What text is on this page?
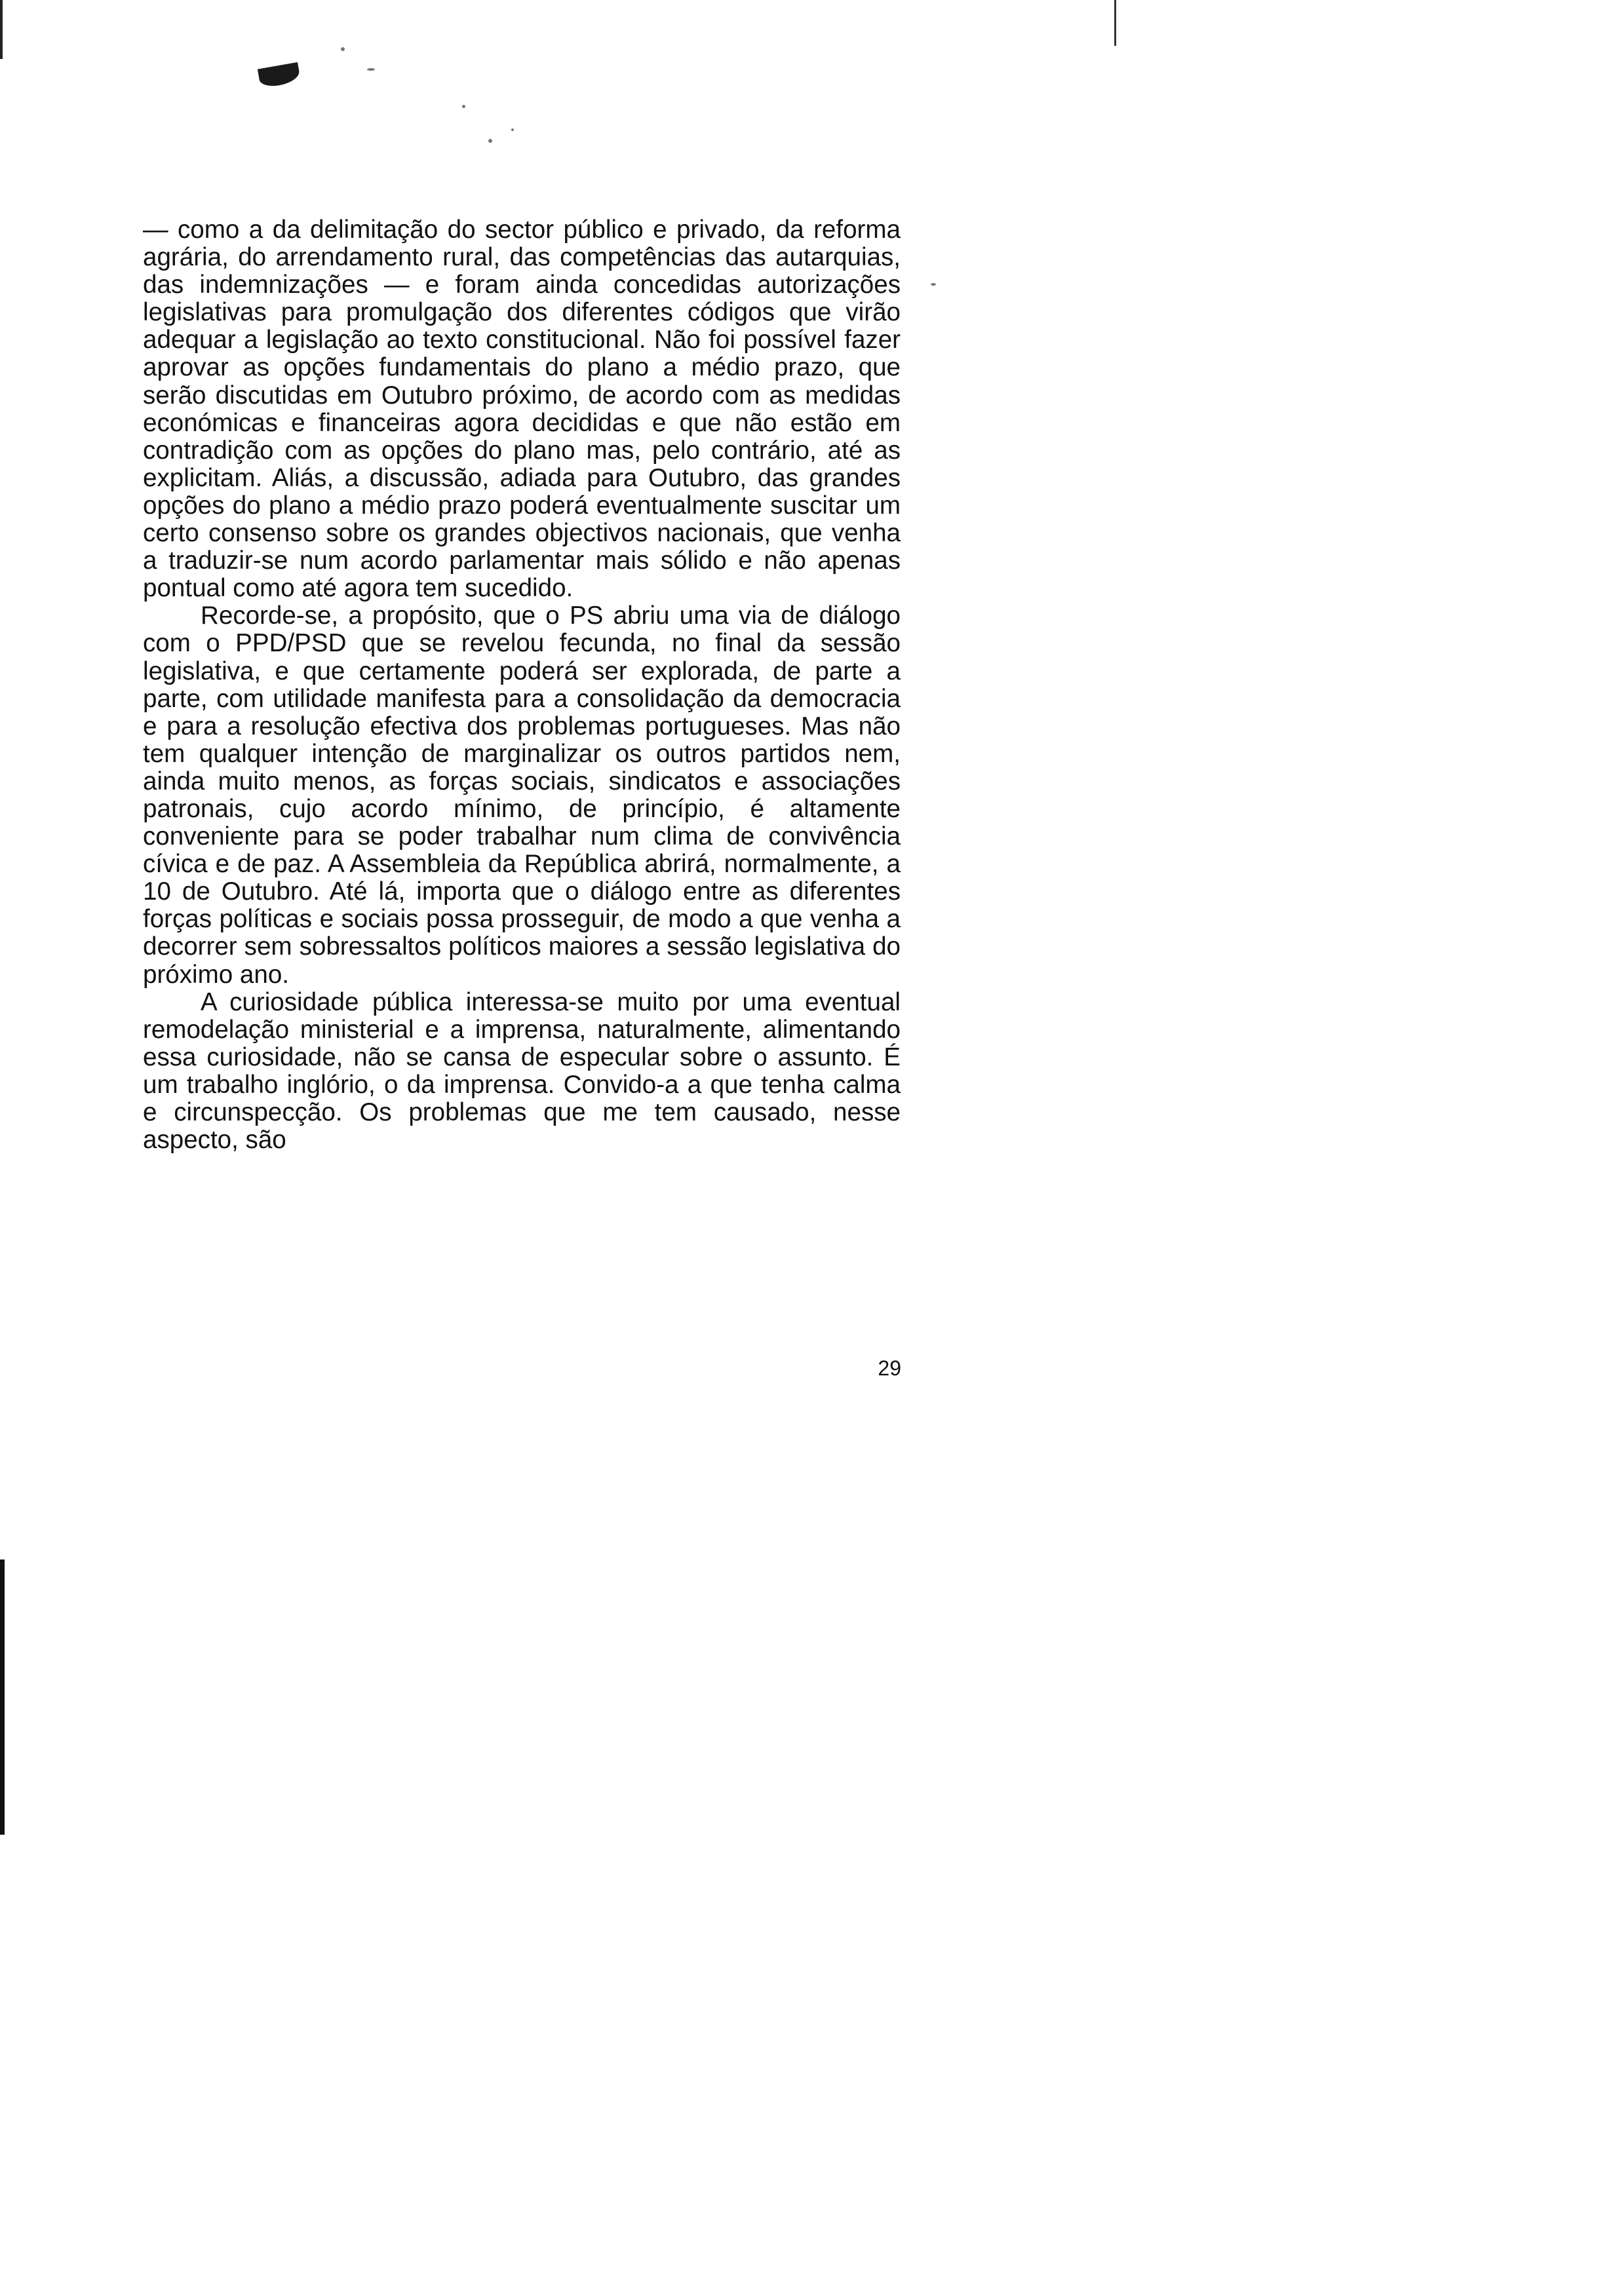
— como a da delimitação do sector público e privado, da reforma agrária, do arrendamento rural, das competências das autarquias, das indemnizações — e foram ainda concedidas autorizações legislativas para promulgação dos diferentes códigos que virão adequar a legislação ao texto constitucional. Não foi possível fazer aprovar as opções fundamentais do plano a médio prazo, que serão discutidas em Outubro próximo, de acordo com as medidas económicas e financeiras agora decididas e que não estão em contradição com as opções do plano mas, pelo contrário, até as explicitam. Aliás, a discussão, adiada para Outubro, das grandes opções do plano a médio prazo poderá eventualmente suscitar um certo consenso sobre os grandes objectivos nacionais, que venha a traduzir-se num acordo parlamentar mais sólido e não apenas pontual como até agora tem sucedido.

Recorde-se, a propósito, que o PS abriu uma via de diálogo com o PPD/PSD que se revelou fecunda, no final da sessão legislativa, e que certamente poderá ser explorada, de parte a parte, com utilidade manifesta para a consolidação da democracia e para a resolução efectiva dos problemas portugueses. Mas não tem qualquer intenção de marginalizar os outros partidos nem, ainda muito menos, as forças sociais, sindicatos e associações patronais, cujo acordo mínimo, de princípio, é altamente conveniente para se poder trabalhar num clima de convivência cívica e de paz. A Assembleia da República abrirá, normalmente, a 10 de Outubro. Até lá, importa que o diálogo entre as diferentes forças políticas e sociais possa prosseguir, de modo a que venha a decorrer sem sobressaltos políticos maiores a sessão legislativa do próximo ano.

A curiosidade pública interessa-se muito por uma eventual remodelação ministerial e a imprensa, naturalmente, alimentando essa curiosidade, não se cansa de especular sobre o assunto. É um trabalho inglório, o da imprensa. Convido-a a que tenha calma e circunspecção. Os problemas que me tem causado, nesse aspecto, são

29
